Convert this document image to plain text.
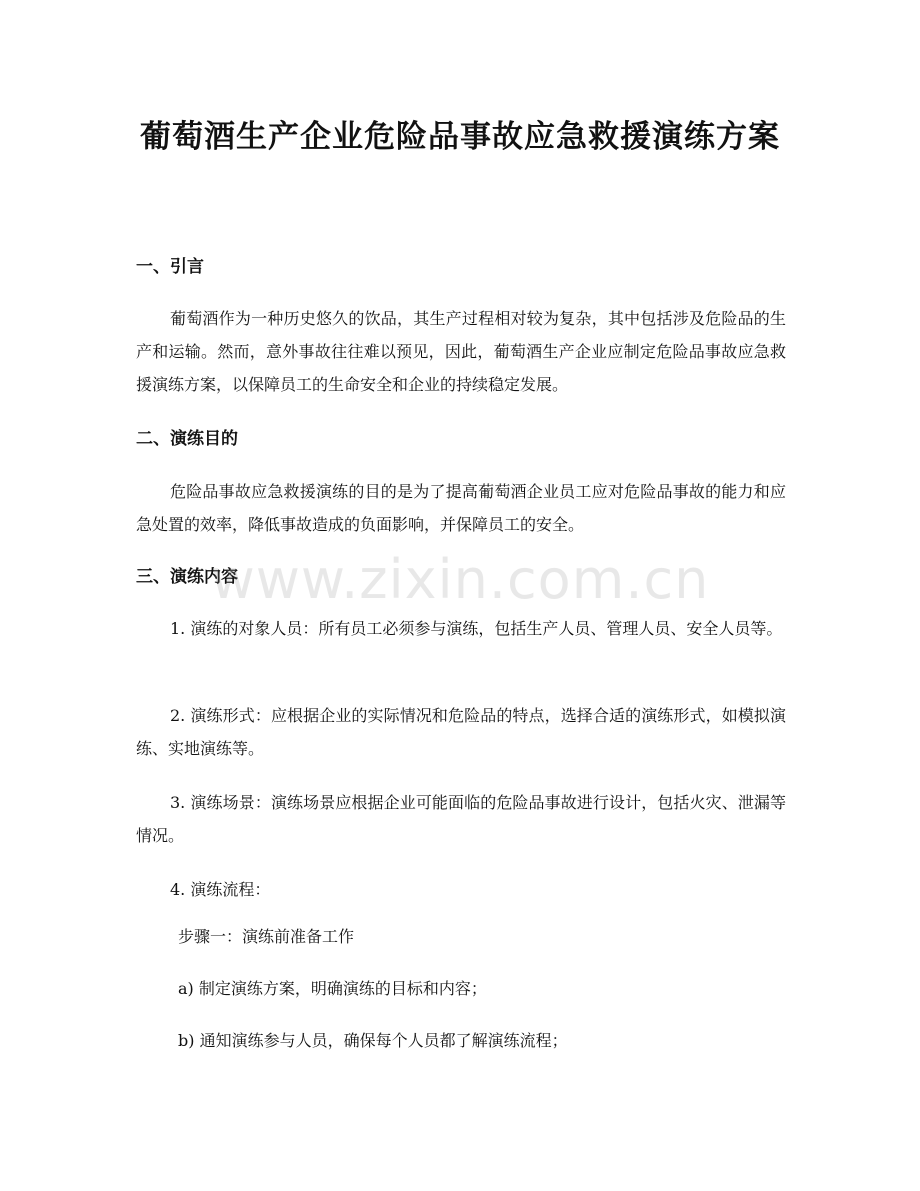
葡萄酒生产企业危险品事故应急救援演练方案
一、引言
葡萄酒作为一种历史悠久的饮品，其生产过程相对较为复杂，其中包括涉及危险品的生产和运输。然而，意外事故往往难以预见，因此，葡萄酒生产企业应制定危险品事故应急救援演练方案，以保障员工的生命安全和企业的持续稳定发展。
二、演练目的
危险品事故应急救援演练的目的是为了提高葡萄酒企业员工应对危险品事故的能力和应急处置的效率，降低事故造成的负面影响，并保障员工的安全。
三、演练内容
1. 演练的对象人员：所有员工必须参与演练，包括生产人员、管理人员、安全人员等。
2. 演练形式：应根据企业的实际情况和危险品的特点，选择合适的演练形式，如模拟演练、实地演练等。
3. 演练场景：演练场景应根据企业可能面临的危险品事故进行设计，包括火灾、泄漏等情况。
4. 演练流程：
步骤一：演练前准备工作
a) 制定演练方案，明确演练的目标和内容；
b) 通知演练参与人员，确保每个人员都了解演练流程；
www.zixin.com.cn
